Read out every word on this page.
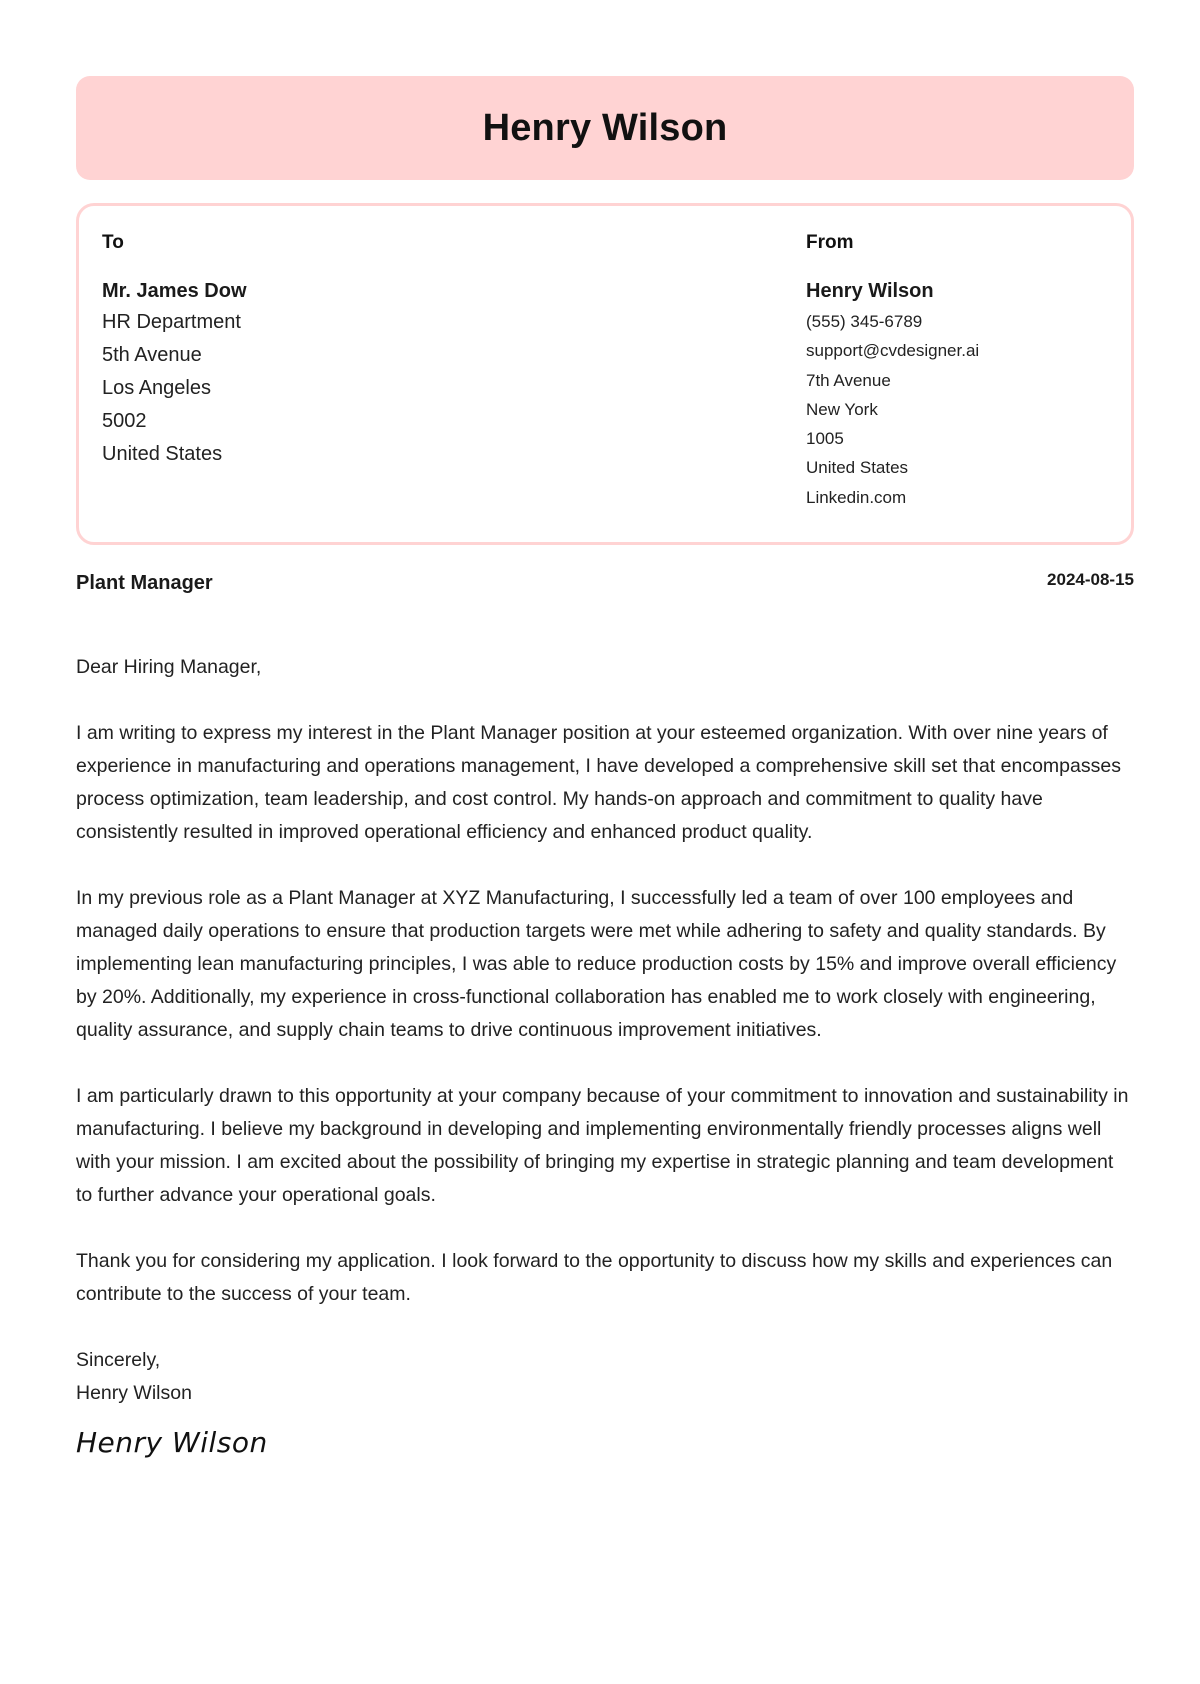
Henry Wilson
To
Mr. James Dow
HR Department
5th Avenue
Los Angeles
5002
United States
From
Henry Wilson
(555) 345-6789
support@cvdesigner.ai
7th Avenue
New York
1005
United States
Linkedin.com
Plant Manager	2024-08-15

Dear Hiring Manager,

I am writing to express my interest in the Plant Manager position at your esteemed organization. With over nine years of experience in manufacturing and operations management, I have developed a comprehensive skill set that encompasses process optimization, team leadership, and cost control. My hands-on approach and commitment to quality have consistently resulted in improved operational efficiency and enhanced product quality.

In my previous role as a Plant Manager at XYZ Manufacturing, I successfully led a team of over 100 employees and managed daily operations to ensure that production targets were met while adhering to safety and quality standards. By implementing lean manufacturing principles, I was able to reduce production costs by 15% and improve overall efficiency by 20%. Additionally, my experience in cross-functional collaboration has enabled me to work closely with engineering, quality assurance, and supply chain teams to drive continuous improvement initiatives.

I am particularly drawn to this opportunity at your company because of your commitment to innovation and sustainability in manufacturing. I believe my background in developing and implementing environmentally friendly processes aligns well with your mission. I am excited about the possibility of bringing my expertise in strategic planning and team development to further advance your operational goals.

Thank you for considering my application. I look forward to the opportunity to discuss how my skills and experiences can contribute to the success of your team.

Sincerely,
Henry Wilson
Henry Wilson
